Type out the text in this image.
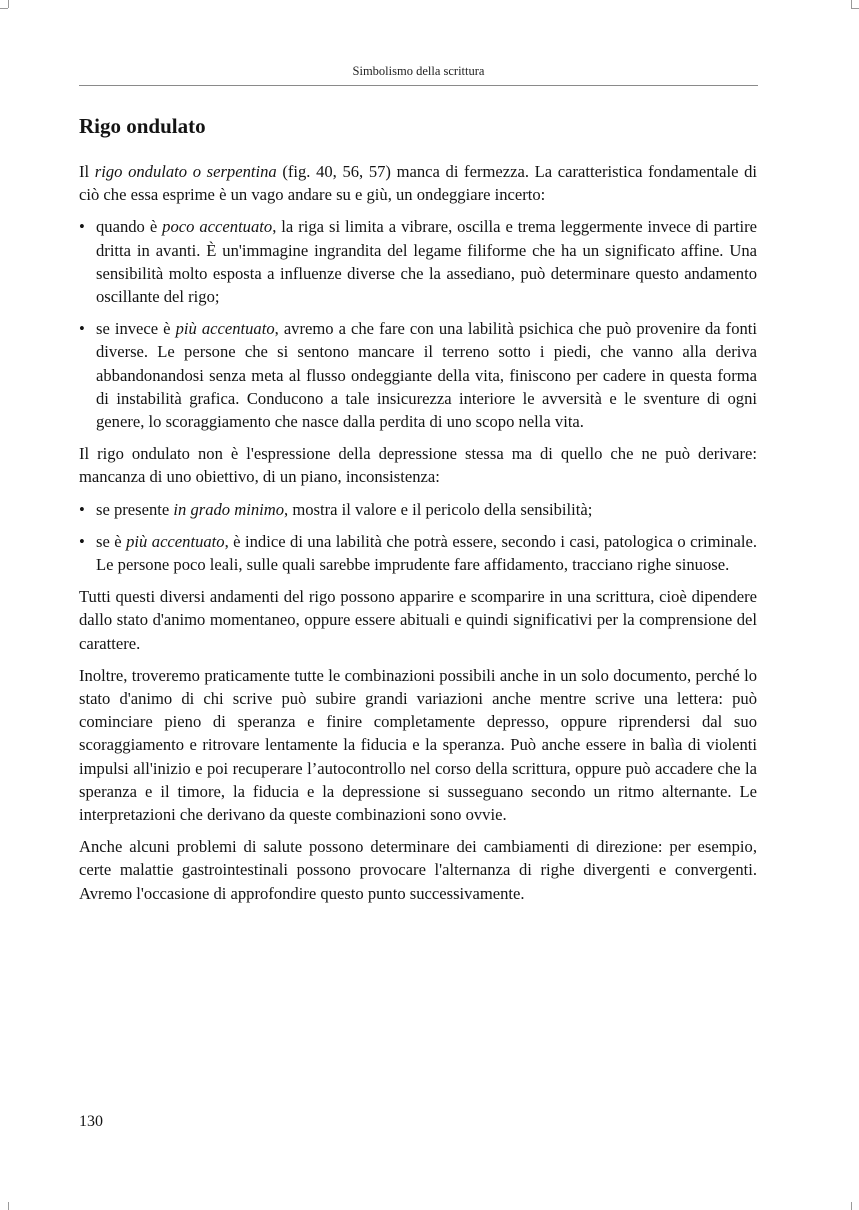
Simbolismo della scrittura
Rigo ondulato

Il rigo ondulato o serpentina (fig. 40, 56, 57) manca di fermezza. La caratteristica fondamentale di ciò che essa esprime è un vago andare su e giù, un ondeggiare incerto:

• quando è poco accentuato, la riga si limita a vibrare, oscilla e trema leggermente invece di partire dritta in avanti. È un'immagine ingrandita del legame filiforme che ha un significato affine. Una sensibilità molto esposta a influenze diverse che la assediano, può determinare questo andamento oscillante del rigo;
• se invece è più accentuato, avremo a che fare con una labilità psichica che può provenire da fonti diverse. Le persone che si sentono mancare il terreno sotto i piedi, che vanno alla deriva abbandonandosi senza meta al flusso ondeggiante della vita, finiscono per cadere in questa forma di instabilità grafica. Conducono a tale insicurezza interiore le avversità e le sventure di ogni genere, lo scoraggiamento che nasce dalla perdita di uno scopo nella vita.

Il rigo ondulato non è l'espressione della depressione stessa ma di quello che ne può derivare: mancanza di uno obiettivo, di un piano, inconsistenza:

• se presente in grado minimo, mostra il valore e il pericolo della sensibilità;
• se è più accentuato, è indice di una labilità che potrà essere, secondo i casi, patologica o criminale. Le persone poco leali, sulle quali sarebbe imprudente fare affidamento, tracciano righe sinuose.

Tutti questi diversi andamenti del rigo possono apparire e scomparire in una scrittura, cioè dipendere dallo stato d'animo momentaneo, oppure essere abituali e quindi significativi per la comprensione del carattere.

Inoltre, troveremo praticamente tutte le combinazioni possibili anche in un solo documento, perché lo stato d'animo di chi scrive può subire grandi variazioni anche mentre scrive una lettera: può cominciare pieno di speranza e finire completamente depresso, oppure riprendersi dal suo scoraggiamento e ritrovare lentamente la fiducia e la speranza. Può anche essere in balìa di violenti impulsi all'inizio e poi recuperare l’autocontrollo nel corso della scrittura, oppure può accadere che la speranza e il timore, la fiducia e la depressione si susseguano secondo un ritmo alternante. Le interpretazioni che derivano da queste combinazioni sono ovvie.

Anche alcuni problemi di salute possono determinare dei cambiamenti di direzione: per esempio, certe malattie gastrointestinali possono provocare l'alternanza di righe divergenti e convergenti. Avremo l'occasione di approfondire questo punto successivamente.

130
